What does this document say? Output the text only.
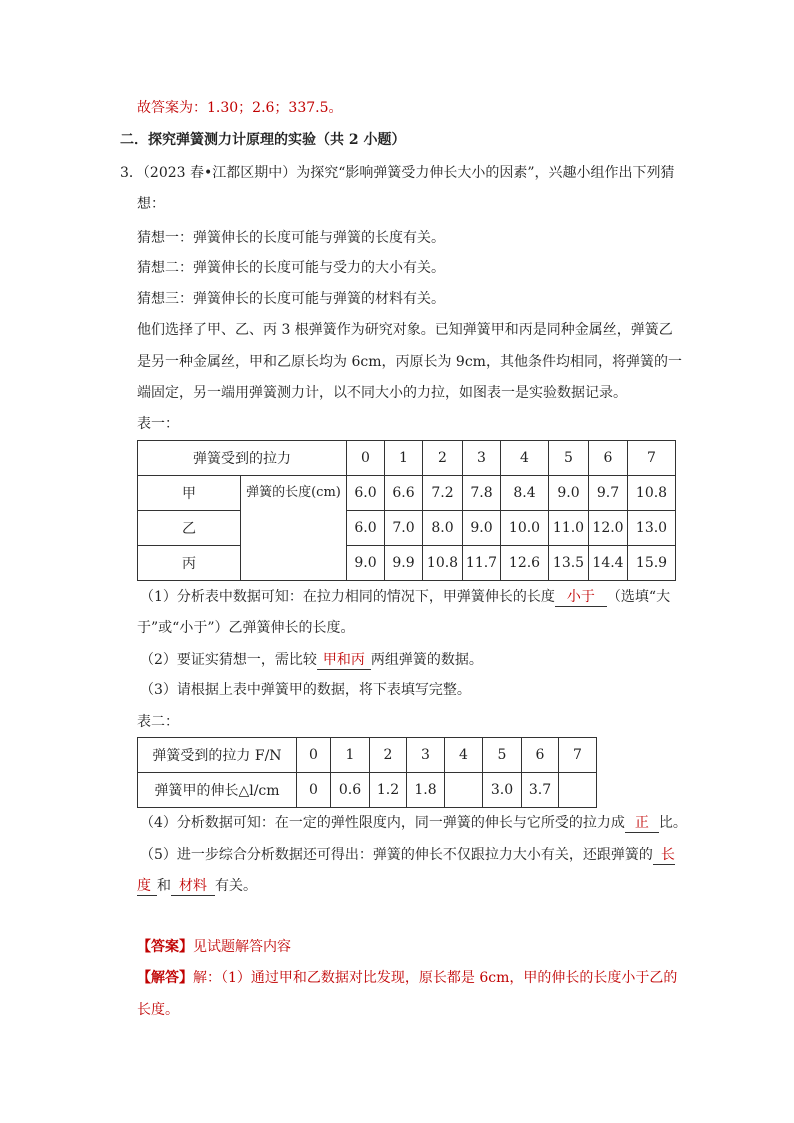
故答案为：1.30；2.6；337.5。
二．探究弹簧测力计原理的实验（共 2 小题）
3．（2023 春•江都区期中）为探究“影响弹簧受力伸长大小的因素”，兴趣小组作出下列猜
想：
猜想一：弹簧伸长的长度可能与弹簧的长度有关。
猜想二：弹簧伸长的长度可能与受力的大小有关。
猜想三：弹簧伸长的长度可能与弹簧的材料有关。
他们选择了甲、乙、丙 3 根弹簧作为研究对象。已知弹簧甲和丙是同种金属丝，弹簧乙
是另一种金属丝，甲和乙原长均为 6cm，丙原长为 9cm，其他条件均相同，将弹簧的一
端固定，另一端用弹簧测力计，以不同大小的力拉，如图表一是实验数据记录。
表一：
弹簧受到的拉力		0	1	2	3	4	5	6	7
甲	弹簧的长度(cm)	6.0	6.6	7.2	7.8	8.4	9.0	9.7	10.8
乙		6.0	7.0	8.0	9.0	10.0	11.0	12.0	13.0
丙		9.0	9.9	10.8	11.7	12.6	13.5	14.4	15.9
（1）分析表中数据可知：在拉力相同的情况下，甲弹簧伸长的长度 小于 （选填“大
于”或“小于”）乙弹簧伸长的长度。
（2）要证实猜想一，需比较 甲和丙 两组弹簧的数据。
（3）请根据上表中弹簧甲的数据，将下表填写完整。
表二：
弹簧受到的拉力 F/N	0	1	2	3	4	5	6	7
弹簧甲的伸长△l/cm	0	0.6	1.2	1.8		3.0	3.7	
（4）分析数据可知：在一定的弹性限度内，同一弹簧的伸长与它所受的拉力成 正 比。
（5）进一步综合分析数据还可得出：弹簧的伸长不仅跟拉力大小有关，还跟弹簧的 长
度 和 材料 有关。
【答案】见试题解答内容
【解答】解：（1）通过甲和乙数据对比发现，原长都是 6cm，甲的伸长的长度小于乙的
长度。
